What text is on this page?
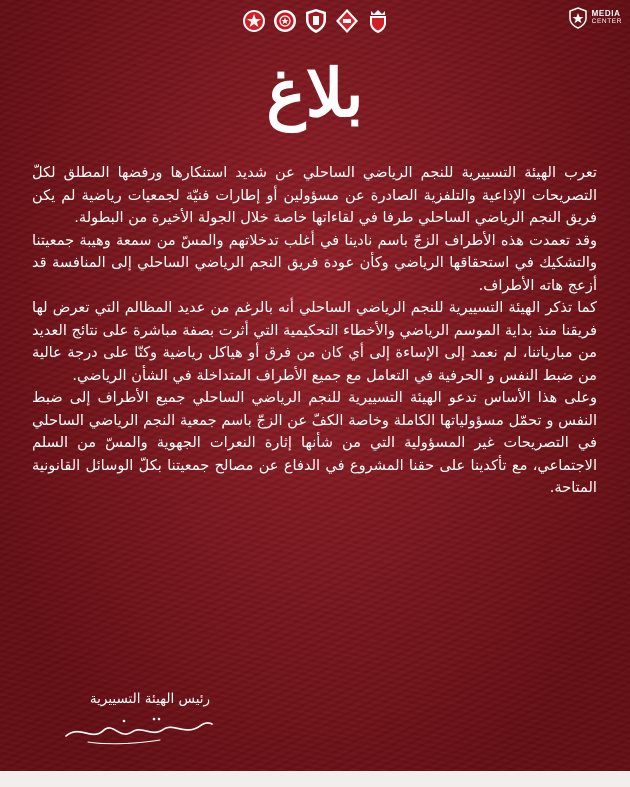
MEDIA
CENTER
بلاغ

تعرب الهيئة التسييرية للنجم الرياضي الساحلي عن شديد استنكارها ورفضها المطلق لكلّ التصريحات الإذاعية والتلفزية الصادرة عن مسؤولين أو إطارات فنيّة لجمعيات رياضية لم يكن فريق النجم الرياضي الساحلي طرفا في لقاءاتها خاصة خلال الجولة الأخيرة من البطولة.

وقد تعمدت هذه الأطراف الزجّ باسم نادينا في أغلب تدخلاتهم والمسّ من سمعة وهيبة جمعيتنا والتشكيك في استحقاقها الرياضي وكأن عودة فريق النجم الرياضي الساحلي إلى المنافسة قد أزعج هاته الأطراف.

كما تذكر الهيئة التسييرية للنجم الرياضي الساحلي أنه بالرغم من عديد المظالم التي تعرض لها فريقنا منذ بداية الموسم الرياضي والأخطاء التحكيمية التي أثرت بصفة مباشرة على نتائج العديد من مبارياتنا، لم نعمد إلى الإساءة إلى أي كان من فرق أو هياكل رياضية وكنّا على درجة عالية من ضبط النفس و الحرفية في التعامل مع جميع الأطراف المتداخلة في الشأن الرياضي.

وعلى هذا الأساس تدعو الهيئة التسييرية للنجم الرياضي الساحلي جميع الأطراف إلى ضبط النفس و تحمّل مسؤولياتها الكاملة وخاصة الكفّ عن الزجّ باسم جمعية النجم الرياضي الساحلي في التصريحات غير المسؤولية التي من شأنها إثارة النعرات الجهوية والمسّ من السلم الاجتماعي، مع تأكدينا على حقنا المشروع في الدفاع عن مصالح جمعيتنا بكلّ الوسائل القانونية المتاحة.

رئيس الهيئة التسييرية
